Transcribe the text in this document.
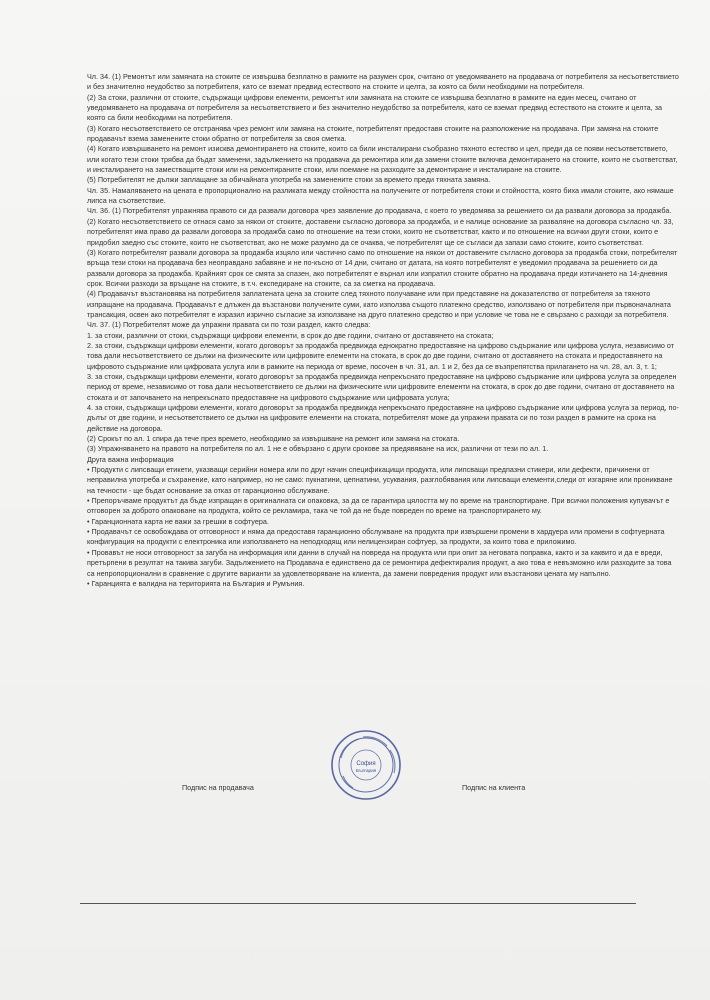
Чл. 34. (1) Ремонтът или замяната на стоките се извършва безплатно в рамките на разумен срок, считано от уведомяването на продавача от потребителя за несъответствието и без значително неудобство за потребителя, като се вземат предвид естеството на стоките и целта, за която са били необходими на потребителя.

(2) За стоки, различни от стоките, съдържащи цифрови елементи, ремонтът или замяната на стоките се извършва безплатно в рамките на един месец, считано от уведомяването на продавача от потребителя за несъответствието и без значително неудобство за потребителя, като се вземат предвид естеството на стоките и целта, за която са били необходими на потребителя.

(3) Когато несъответствието се отстранява чрез ремонт или замяна на стоките, потребителят предоставя стоките на разположение на продавача. При замяна на стоките продавачът взема заменените стоки обратно от потребителя за своя сметка.

(4) Когато извършването на ремонт изисква демонтирането на стоките, които са били инсталирани съобразно тяхното естество и цел, преди да се появи несъответствието, или когато тези стоки трябва да бъдат заменени, задължението на продавача да ремонтира или да замени стоките включва демонтирането на стоките, които не съответстват, и инсталирането на заместващите стоки или на ремонтираните стоки, или поемане на разходите за демонтиране и инсталиране на стоките.

(5) Потребителят не дължи заплащане за обичайната употреба на заменените стоки за времето преди тяхната замяна.

Чл. 35. Намаляването на цената е пропорционално на разликата между стойността на получените от потребителя стоки и стойността, която биха имали стоките, ако нямаше липса на съответствие.

Чл. 36. (1) Потребителят упражнява правото си да развали договора чрез заявление до продавача, с което го уведомява за решението си да развали договора за продажба.

(2) Когато несъответствието се отнася само за някои от стоките, доставени съгласно договора за продажба, и е налице основание за разваляне на договора съгласно чл. 33, потребителят има право да развали договора за продажба само по отношение на тези стоки, които не съответстват, както и по отношение на всички други стоки, които е придобил заедно със стоките, които не съответстват, ако не може разумно да се очаква, че потребителят ще се съгласи да запази само стоките, които съответстват.

(3) Когато потребителят развали договора за продажба изцяло или частично само по отношение на някои от доставените съгласно договора за продажба стоки, потребителят връща тези стоки на продавача без неоправдано забавяне и не по-късно от 14 дни, считано от датата, на която потребителят е уведомил продавача за решението си да развали договора за продажба. Крайният срок се смята за спазен, ако потребителят е върнал или изпратил стоките обратно на продавача преди изтичането на 14-дневния срок. Всички разходи за връщане на стоките, в т.ч. експедиране на стоките, са за сметка на продавача.

(4) Продавачът възстановява на потребителя заплатената цена за стоките след тяхното получаване или при представяне на доказателство от потребителя за тяхното изпращане на продавача. Продавачът е длъжен да възстанови получените суми, като използва същото платежно средство, използвано от потребителя при първоначалната трансакция, освен ако потребителят е изразил изрично съгласие за използване на друго платежно средство и при условие че това не е свързано с разходи за потребителя.

Чл. 37. (1) Потребителят може да упражни правата си по този раздел, както следва:

1. за стоки, различни от стоки, съдържащи цифрови елементи, в срок до две години, считано от доставянето на стоката;

2. за стоки, съдържащи цифрови елементи, когато договорът за продажба предвижда еднократно предоставяне на цифрово съдържание или цифрова услуга, независимо от това дали несъответствието се дължи на физическите или цифровите елементи на стоката, в срок до две години, считано от доставянето на стоката и предоставянето на цифровото съдържание или цифровата услуга или в рамките на периода от време, посочен в чл. 31, ал. 1 и 2, без да се възпрепятства прилагането на чл. 28, ал. 3, т. 1;

3. за стоки, съдържащи цифрови елементи, когато договорът за продажба предвижда непрекъснато предоставяне на цифрово съдържание или цифрова услуга за определен период от време, независимо от това дали несъответствието се дължи на физическите или цифровите елементи на стоката, в срок до две години, считано от доставянето на стоката и от започването на непрекъснато предоставяне на цифровото съдържание или цифровата услуга;

4. за стоки, съдържащи цифрови елементи, когато договорът за продажба предвижда непрекъснато предоставяне на цифрово съдържание или цифрова услуга за период, по-дълъг от две години, и несъответствието се дължи на цифровите елементи на стоката, потребителят може да упражни правата си по този раздел в рамките на срока на действие на договора.

(2) Срокът по ал. 1 спира да тече през времето, необходимо за извършване на ремонт или замяна на стоката.

(3) Упражняването на правото на потребителя по ал. 1 не е обвързано с други срокове за предявяване на иск, различни от тези по ал. 1.

Друга важна информация

• Продукти с липсващи етикети, указващи серийни номера или по друг начин спецификацищи продукта, или липсващи предпазни стикери, или дефекти, причинени от неправилна употреба и съхранение, като например, но не само: пукнатини, цепнатини, усуквания, разглобявания или липсващи елементи,следи от изгаряне или проникване на течности - ще бъдат основание за отказ от гаранционно обслужване.

• Препоръчваме продуктът да бъде изпращан в оригиналната си опаковка, за да се гарантира цялостта му по време на транспортиране. При всички положения купувачът е отговорен за доброто опаковане на продукта, който се рекламира, така че той да не бъде повреден по време на транспортирането му.

• Гаранционната карта не важи за грешки в софтуера.

• Продавачът се освобождава от отговорност и няма да предоставя гаранционно обслужване на продукта при извършени промени в хардуера или промени в софтуерната конфигурация на продукти с електроника или използването на неподходящ или нелицензиран софтуер, за продукти, за които това е приложимо.

• Прoвавът не носи отговорност за загуба на информация или данни в случай на повреда на продукта или при опит за неговата поправка, както и за каквито и да е вреди, претърпени в резултат на такива загуби. Задължението на Продавача е единствено да се ремонтира дефектиралия продукт, а ако това е невъзможно или разходите за това са непропорционални в сравнение с другите варианти за удовлетворяване на клиента, да замени повредения продукт или възстанови цената му напълно.

• Гаранцията е валидна на територията на България и Румъния.

София
България
Подпис на продавача	Подпис на клиента
